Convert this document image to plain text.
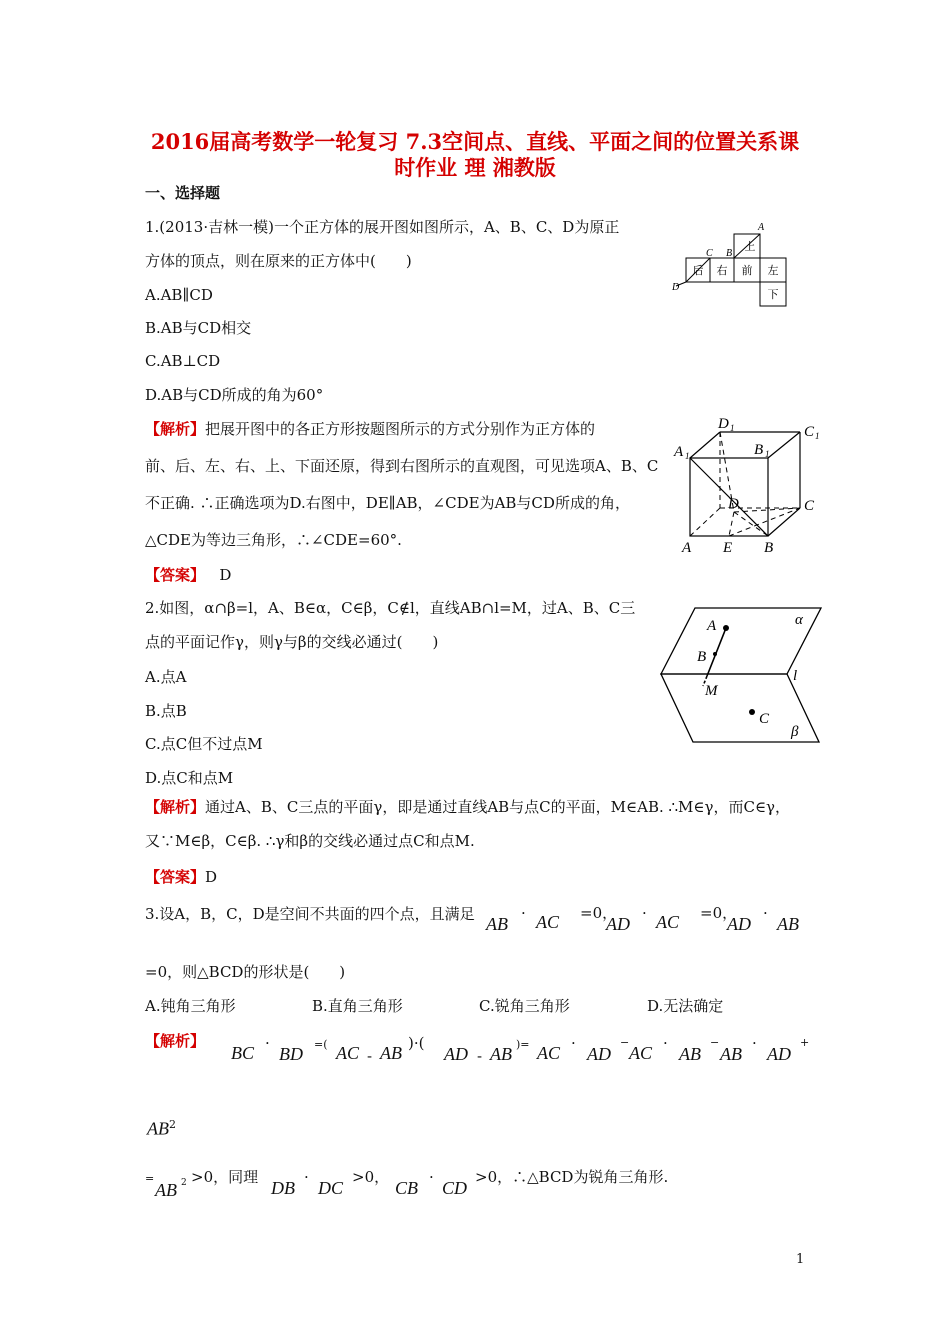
2016届高考数学一轮复习 7.3空间点、直线、平面之间的位置关系课
时作业 理 湘教版
一、选择题
1.(2013·吉林一模)一个正方体的展开图如图所示，A、B、C、D为原正
方体的顶点，则在原来的正方体中(　　)
A.AB∥CD
B.AB与CD相交
C.AB⊥CD
D.AB与CD所成的角为60°
【解析】把展开图中的各正方形按题图所示的方式分别作为正方体的
前、后、左、右、上、下面还原，得到右图所示的直观图，可见选项A、B、C
不正确. ∴正确选项为D.右图中，DE∥AB，∠CDE为AB与CD所成的角，
△CDE为等边三角形，∴∠CDE=60°.
【答案】 D
后 右 前 左
上
下
A
B
C
D
D 1	C 1
A 1	B 1
D	C
A E B
2.如图，α∩β=l，A、B∈α，C∈β，C∉l，直线AB∩l=M，过A、B、C三
点的平面记作γ，则γ与β的交线必通过(　　)
A.点A
B.点B
C.点C但不过点M
D.点C和点M
【解析】通过A、B、C三点的平面γ，即是通过直线AB与点C的平面，M∈AB. ∴M∈γ，而C∈γ，
又∵M∈β，C∈β. ∴γ和β的交线必通过点C和点M.
【答案】D
A
B
M
C
α
β
l
3.设A，B，C，D是空间不共面的四个点，且满足 AB
· AC =0，
AD
· AC =0，
AD
·
AB
=0，则△BCD的形状是(　　)
A.钝角三角形	B.直角三角形	C.锐角三角形	D.无法确定
【解析】
BC ·
BD =( AC - AB )·(
AD - AB )= AC ·
AD
−
AC ·
AB
−
AB
·
AD
+
$AB^2$
=
AB 2 >0，同理
DB
·
DC
>0，
CB
·
CD
>0，∴△BCD为锐角三角形.
1
